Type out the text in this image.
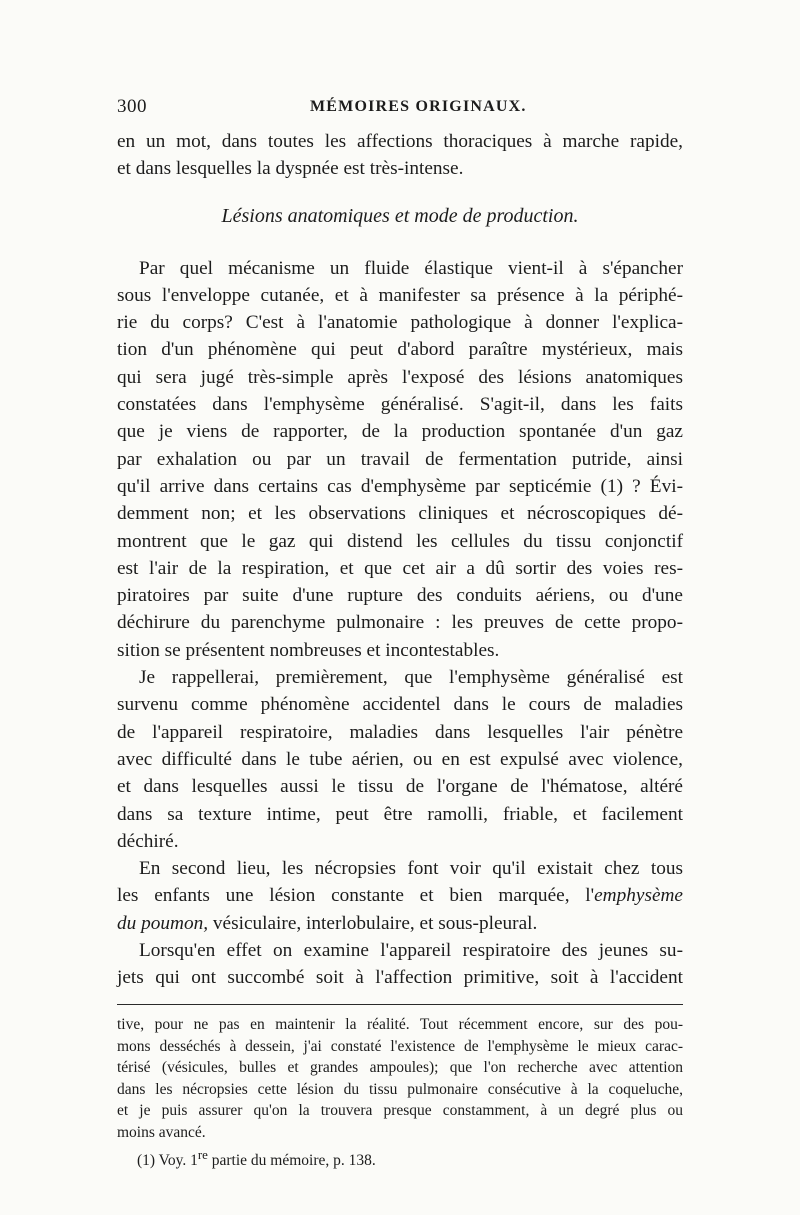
300	MÉMOIRES ORIGINAUX.
en un mot, dans toutes les affections thoraciques à marche rapide,
et dans lesquelles la dyspnée est très-intense.
Lésions anatomiques et mode de production.
Par quel mécanisme un fluide élastique vient-il à s'épancher
sous l'enveloppe cutanée, et à manifester sa présence à la périphé-
rie du corps? C'est à l'anatomie pathologique à donner l'explica-
tion d'un phénomène qui peut d'abord paraître mystérieux, mais
qui sera jugé très-simple après l'exposé des lésions anatomiques
constatées dans l'emphysème généralisé. S'agit-il, dans les faits
que je viens de rapporter, de la production spontanée d'un gaz
par exhalation ou par un travail de fermentation putride, ainsi
qu'il arrive dans certains cas d'emphysème par septicémie (1) ? Évi-
demment non; et les observations cliniques et nécroscopiques dé-
montrent que le gaz qui distend les cellules du tissu conjonctif
est l'air de la respiration, et que cet air a dû sortir des voies res-
piratoires par suite d'une rupture des conduits aériens, ou d'une
déchirure du parenchyme pulmonaire : les preuves de cette propo-
sition se présentent nombreuses et incontestables.
Je rappellerai, premièrement, que l'emphysème généralisé est
survenu comme phénomène accidentel dans le cours de maladies
de l'appareil respiratoire, maladies dans lesquelles l'air pénètre
avec difficulté dans le tube aérien, ou en est expulsé avec violence,
et dans lesquelles aussi le tissu de l'organe de l'hématose, altéré
dans sa texture intime, peut être ramolli, friable, et facilement
déchiré.
En second lieu, les nécropsies font voir qu'il existait chez tous
les enfants une lésion constante et bien marquée, l'emphysème
du poumon, vésiculaire, interlobulaire, et sous-pleural.
Lorsqu'en effet on examine l'appareil respiratoire des jeunes su-
jets qui ont succombé soit à l'affection primitive, soit à l'accident
tive, pour ne pas en maintenir la réalité. Tout récemment encore, sur des pou-
mons desséchés à dessein, j'ai constaté l'existence de l'emphysème le mieux carac-
térisé (vésicules, bulles et grandes ampoules); que l'on recherche avec attention
dans les nécropsies cette lésion du tissu pulmonaire consécutive à la coqueluche,
et je puis assurer qu'on la trouvera presque constamment, à un degré plus ou
moins avancé.
(1) Voy. 1re partie du mémoire, p. 138.
